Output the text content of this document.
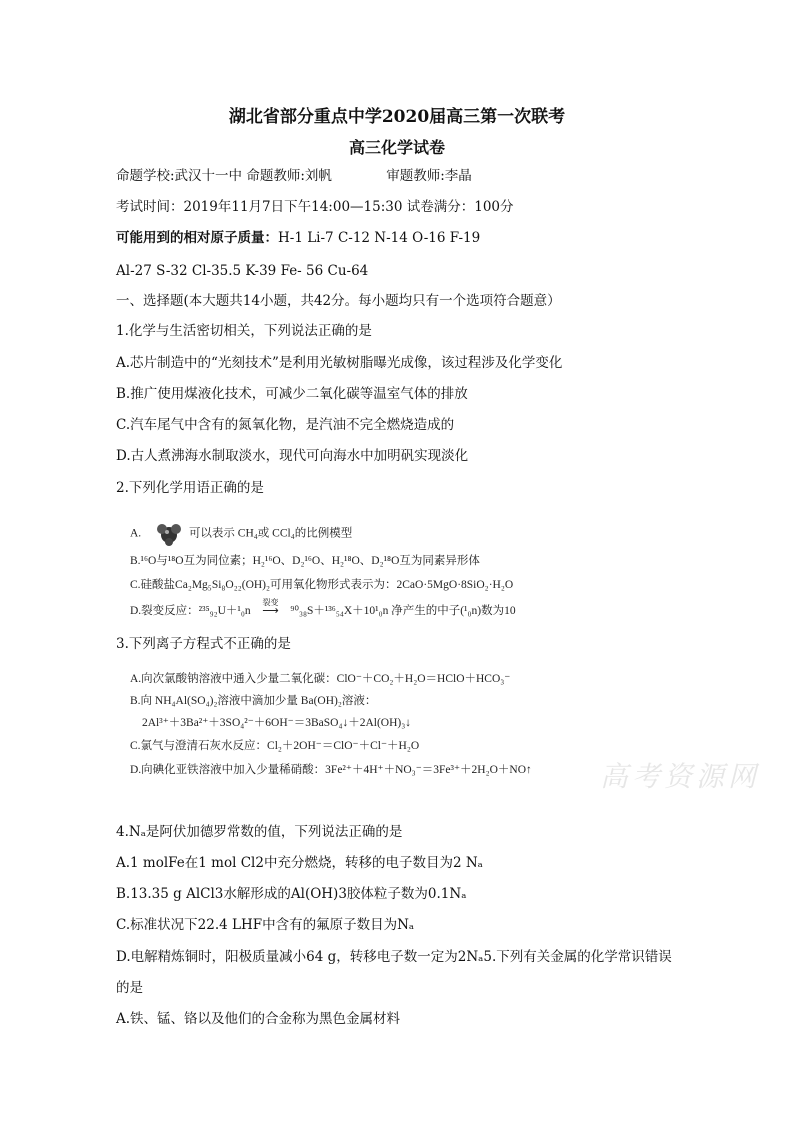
湖北省部分重点中学2020届高三第一次联考
高三化学试卷
命题学校:武汉十一中 命题教师:刘帆	审题教师:李晶
考试时间：2019年11月7日下午14:00—15:30 试卷满分：100分
可能用到的相对原子质量：H-1 Li-7 C-12 N-14 O-16 F-19
Al-27 S-32 Cl-35.5 K-39 Fe- 56 Cu-64
一、选择题(本大题共14小题，共42分。每小题均只有一个选项符合题意）
1.化学与生活密切相关，下列说法正确的是
A.芯片制造中的“光刻技术”是利用光敏树脂曝光成像，该过程涉及化学变化
B.推广使用煤液化技术，可减少二氧化碳等温室气体的排放
C.汽车尾气中含有的氮氧化物，是汽油不完全燃烧造成的
D.古人煮沸海水制取淡水，现代可向海水中加明矾实现淡化
2.下列化学用语正确的是
A.	可以表示 CH₄或 CCl₄的比例模型
B.¹⁶O与¹⁸O互为同位素；H₂¹⁶O、D₂¹⁶O、H₂¹⁸O、D₂¹⁸O互为同素异形体
C.硅酸盐Ca₂Mg₅Si₈O₂₂(OH)₂可用氧化物形式表示为：2CaO·5MgO·8SiO₂·H₂O
D.裂变反应：²³⁵₉₂U＋¹₀n
裂变
⟶ ⁹⁰₃₈S＋¹³⁶₅₄X＋10¹₀n 净产生的中子(¹₀n)数为10
3.下列离子方程式不正确的是
A.向次氯酸钠溶液中通入少量二氧化碳：ClO⁻＋CO₂＋H₂O＝HClO＋HCO₃⁻
B.向 NH₄Al(SO₄)₂溶液中滴加少量 Ba(OH)₂溶液：
2Al³⁺＋3Ba²⁺＋3SO₄²⁻＋6OH⁻＝3BaSO₄↓＋2Al(OH)₃↓
C.氯气与澄清石灰水反应：Cl₂＋2OH⁻＝ClO⁻＋Cl⁻＋H₂O
D.向碘化亚铁溶液中加入少量稀硝酸：3Fe²⁺＋4H⁺＋NO₃⁻＝3Fe³⁺＋2H₂O＋NO↑ 高考资源网
4.Nₐ是阿伏加德罗常数的值，下列说法正确的是
A.1 molFe在1 mol Cl2中充分燃烧，转移的电子数目为2 Nₐ
B.13.35 g AlCl3水解形成的Al(OH)3胶体粒子数为0.1Nₐ
C.标准状况下22.4 LHF中含有的氟原子数目为Nₐ
D.电解精炼铜时，阳极质量减小64 g，转移电子数一定为2Nₐ5.下列有关金属的化学常识错误
的是
A.铁、锰、铬以及他们的合金称为黑色金属材料
